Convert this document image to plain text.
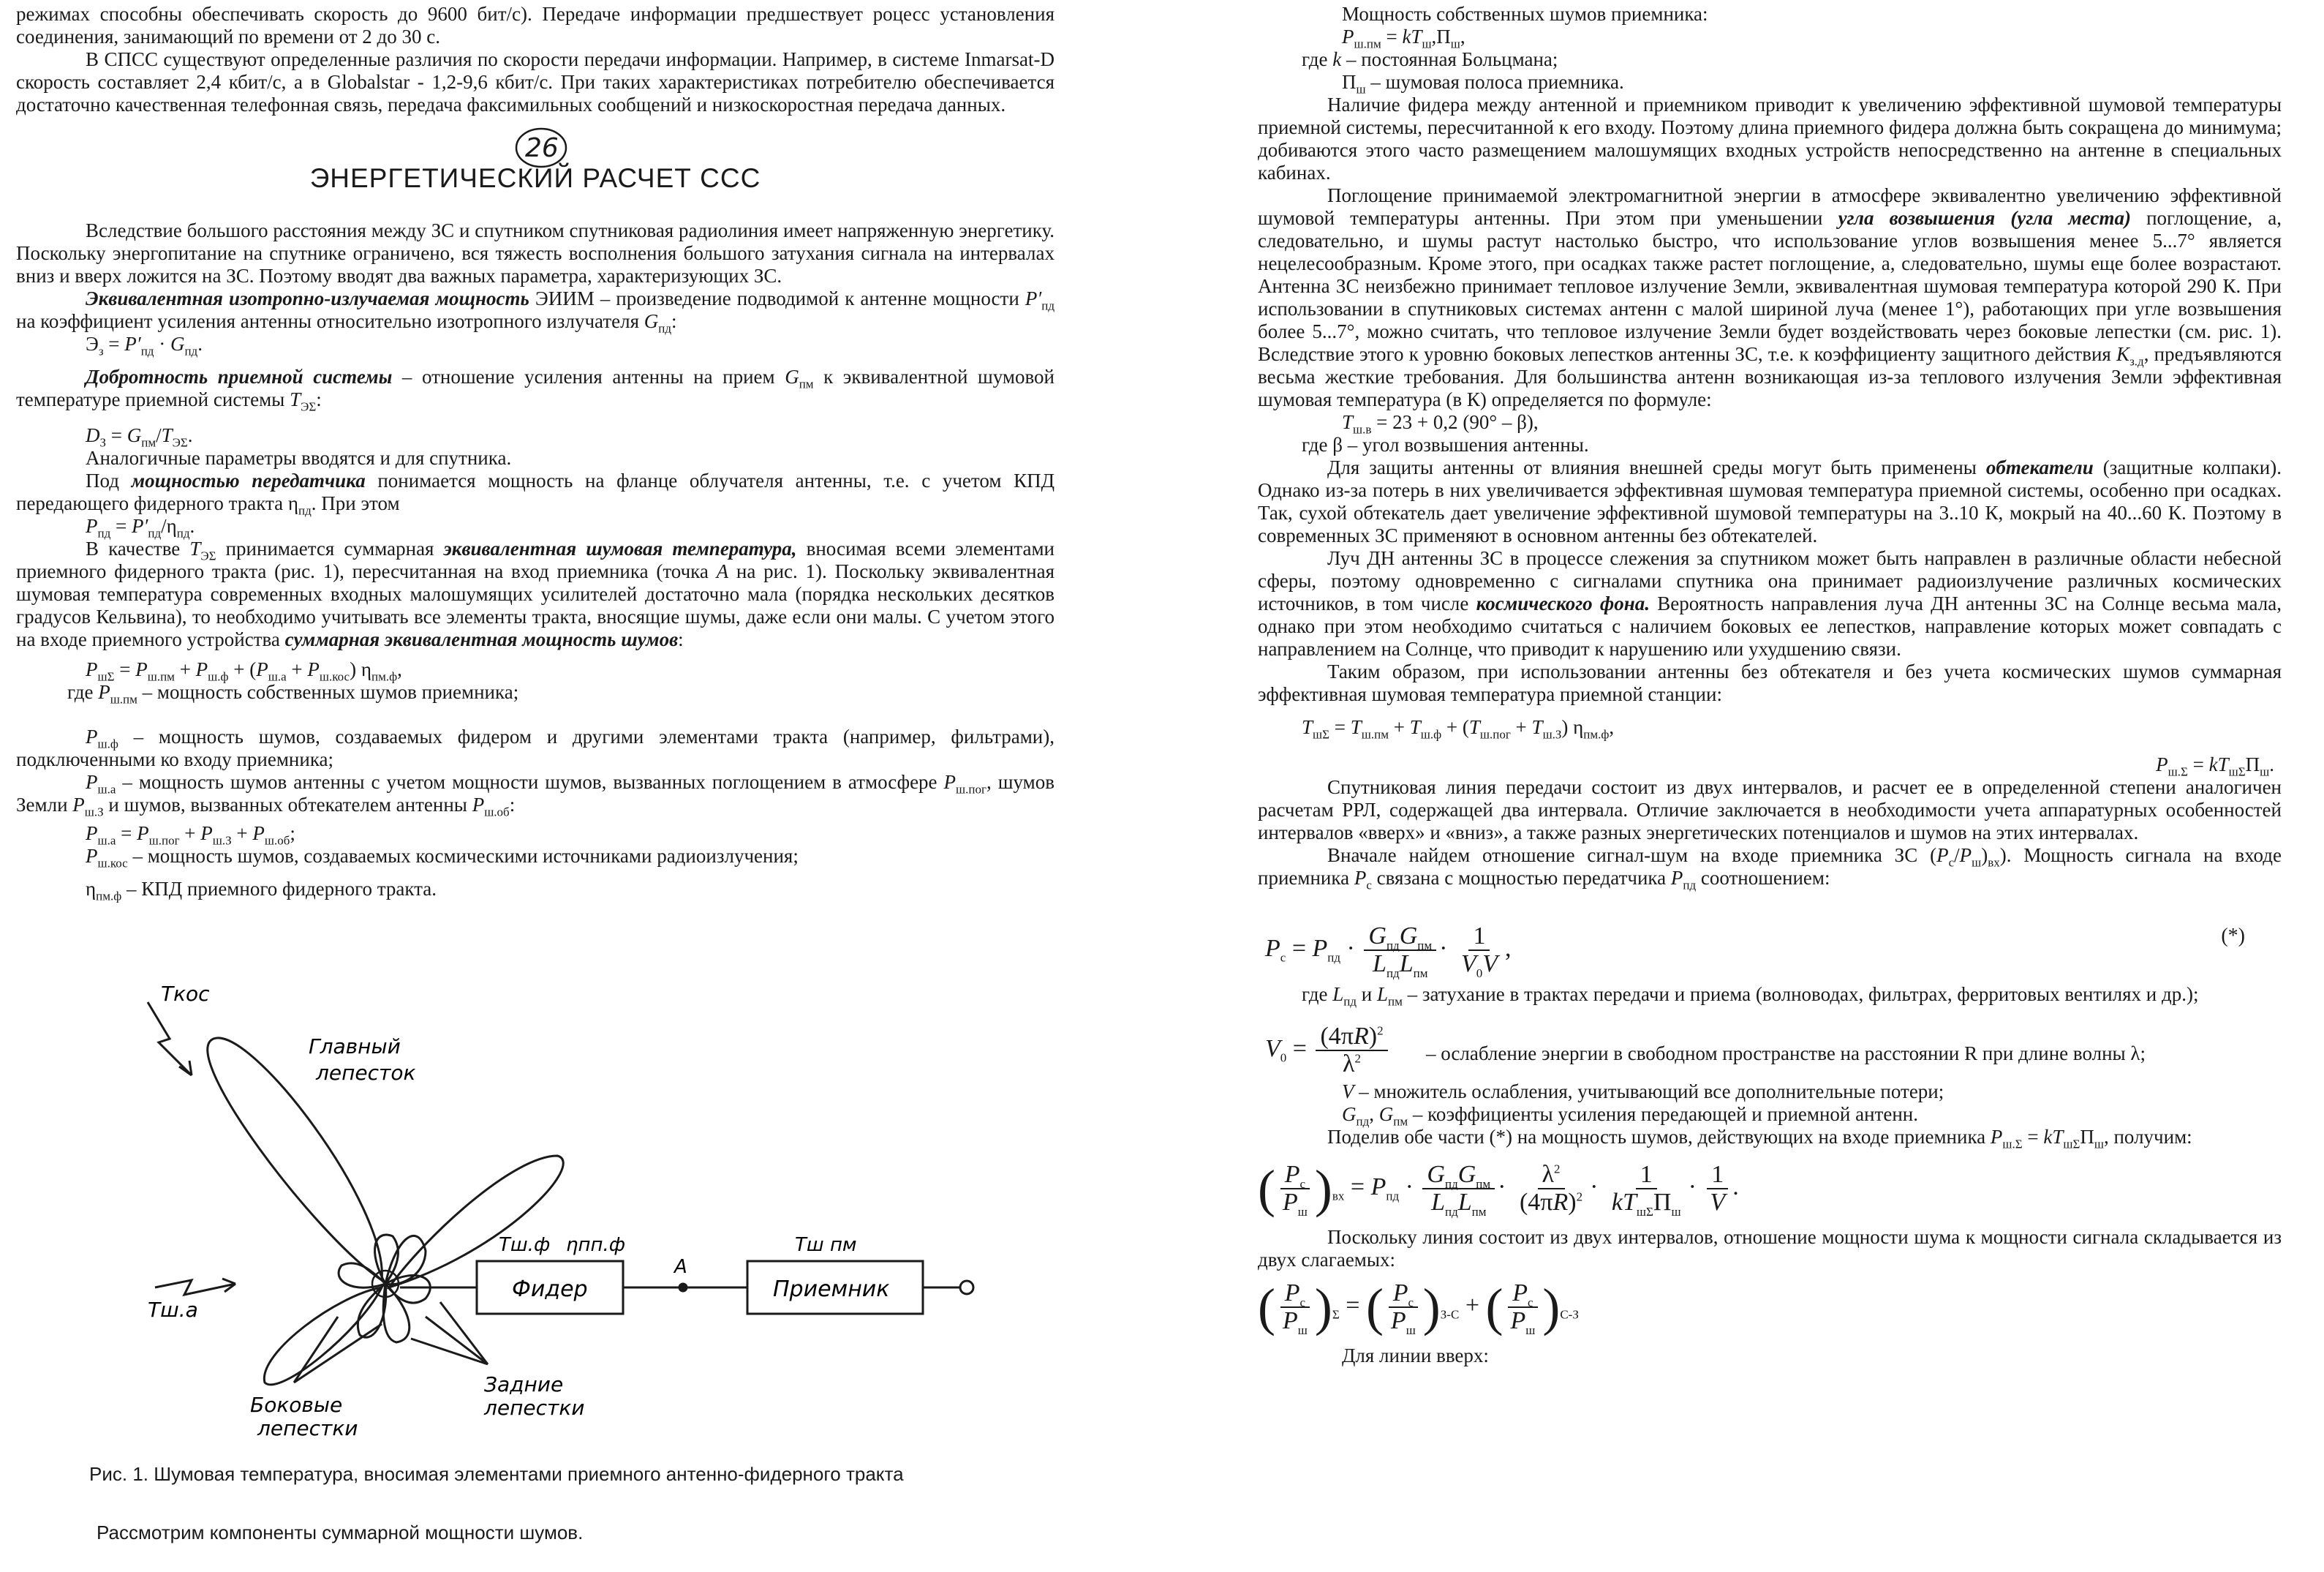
режимах способны обеспечивать скорость до 9600 бит/с). Передаче информации предшествует роцесс установления соединения, занимающий по времени от 2 до 30 с.

В СПСС существуют определенные различия по скорости передачи информации. Например, в системе Inmarsat-D скорость составляет 2,4 кбит/с, а в Globalstar - 1,2-9,6 кбит/с. При таких характеристиках потребителю обеспечивается достаточно качественная телефонная связь, передача факсимильных сообщений и низкоскоростная передача данных.

26

ЭНЕРГЕТИЧЕСКИЙ РАСЧЕТ ССС

Вследствие большого расстояния между ЗС и спутником спутниковая радиолиния имеет напряженную энергетику. Поскольку энергопитание на спутнике ограничено, вся тяжесть восполнения большого затухания сигнала на интервалах вниз и вверх ложится на ЗС. Поэтому вводят два важных параметра, характеризующих ЗС.

Эквивалентная изотропно-излучаемая мощность ЭИИМ – произведение подводимой к антенне мощности $P'_{пд}$ на коэффициент усиления антенны относительно изотропного излучателя $G_{пд}$:

$Э_з = P'_{пд} \cdot G_{пд}$.

Добротность приемной системы – отношение усиления антенны на прием $G_{пм}$ к эквивалентной шумовой температуре приемной системы $T_{Э\Sigma}$:

$D_З = G_{пм}/T_{Э\Sigma}$.

Аналогичные параметры вводятся и для спутника.

Под мощностью передатчика понимается мощность на фланце облучателя антенны, т.е. с учетом КПД передающего фидерного тракта $\eta_{пд}$. При этом

$P_{пд} = P'_{пд}/\eta_{пд}$.

В качестве $T_{Э\Sigma}$ принимается суммарная эквивалентная шумовая температура, вносимая всеми элементами приемного фидерного тракта (рис. 1), пересчитанная на вход приемника (точка A на рис. 1). Поскольку эквивалентная шумовая температура современных входных малошумящих усилителей достаточно мала (порядка нескольких десятков градусов Кельвина), то необходимо учитывать все элементы тракта, вносящие шумы, даже если они малы. С учетом этого на входе приемного устройства суммарная эквивалентная мощность шумов:

$P_{ш\Sigma} = P_{ш.пм} + P_{ш.ф} + (P_{ш.а} + P_{ш.кос})$ $\eta_{пм.ф}$,

где $P_{ш.пм}$ – мощность собственных шумов приемника;

$P_{ш.ф}$ – мощность шумов, создаваемых фидером и другими элементами тракта (например, фильтрами), подключенными ко входу приемника;

$P_{ш.а}$ – мощность шумов антенны с учетом мощности шумов, вызванных поглощением в атмосфере $P_{ш.пог}$, шумов Земли $P_{ш.З}$ и шумов, вызванных обтекателем антенны $P_{ш.об}$:

$P_{ш.а} = P_{ш.пог} + P_{ш.З} + P_{ш.об}$;

$P_{ш.кос}$ – мощность шумов, создаваемых космическими источниками радиоизлучения;

$\eta_{пм.ф}$ – КПД приемного фидерного тракта.

Tкос
Главный
лепесток
Tш.а
Tш.ф ηпп.ф
A
Tш пм
Фидер	Приемник
Боковые
лепестки
Задние
лепестки

Рис. 1. Шумовая температура, вносимая элементами приемного антенно-фидерного тракта

Рассмотрим компоненты суммарной мощности шумов.

Мощность собственных шумов приемника:

$P_{ш.пм} = kT_ш,\Pi_ш$,

где k – постоянная Больцмана;

$\Pi_ш$ – шумовая полоса приемника.

Наличие фидера между антенной и приемником приводит к увеличению эффективной шумовой температуры приемной системы, пересчитанной к его входу. Поэтому длина приемного фидера должна быть сокращена до минимума; добиваются этого часто размещением малошумящих входных устройств непосредственно на антенне в специальных кабинах.

Поглощение принимаемой электромагнитной энергии в атмосфере эквивалентно увеличению эффективной шумовой температуры антенны. При этом при уменьшении угла возвышения (угла места) поглощение, а, следовательно, и шумы растут настолько быстро, что использование углов возвышения менее 5...7° является нецелесообразным. Кроме этого, при осадках также растет поглощение, а, следовательно, шумы еще более возрастают. Антенна ЗС неизбежно принимает тепловое излучение Земли, эквивалентная шумовая температура которой 290 К. При использовании в спутниковых системах антенн с малой шириной луча (менее 1°), работающих при угле возвышения более 5...7°, можно считать, что тепловое излучение Земли будет воздействовать через боковые лепестки (см. рис. 1). Вследствие этого к уровню боковых лепестков антенны ЗС, т.е. к коэффициенту защитного действия $K_{з.д}$, предъявляются весьма жесткие требования. Для большинства антенн возникающая из-за теплового излучения Земли эффективная шумовая температура (в К) определяется по формуле:

$T_{ш.в} = 23 + 0,2$ (90° – β),

где β – угол возвышения антенны.

Для защиты антенны от влияния внешней среды могут быть применены обтекатели (защитные колпаки). Однако из-за потерь в них увеличивается эффективная шумовая температура приемной системы, особенно при осадках. Так, сухой обтекатель дает увеличение эффективной шумовой температуры на 3..10 К, мокрый на 40...60 К. Поэтому в современных ЗС применяют в основном антенны без обтекателей.

Луч ДН антенны ЗС в процессе слежения за спутником может быть направлен в различные области небесной сферы, поэтому одновременно с сигналами спутника она принимает радиоизлучение различных космических источников, в том числе космического фона. Вероятность направления луча ДН антенны ЗС на Солнце весьма мала, однако при этом необходимо считаться с наличием боковых ее лепестков, направление которых может совпадать с направлением на Солнце, что приводит к нарушению или ухудшению связи.

Таким образом, при использовании антенны без обтекателя и без учета космических шумов суммарная эффективная шумовая температура приемной станции:

$T_{ш\Sigma} = T_{ш.пм} + T_{ш.ф} + (T_{ш.пог} + T_{ш.З})$ $\eta_{пм.ф}$,

$P_{ш.\Sigma} = kT_{ш\Sigma}\Pi_ш$.

Спутниковая линия передачи состоит из двух интервалов, и расчет ее в определенной степени аналогичен расчетам РРЛ, содержащей два интервала. Отличие заключается в необходимости учета аппаратурных особенностей интервалов «вверх» и «вниз», а также разных энергетических потенциалов и шумов на этих интервалах.

Вначале найдем отношение сигнал-шум на входе приемника ЗС $(P_с/P_ш)_{вх}$). Мощность сигнала на входе приемника $P_с$ связана с мощностью передатчика $P_{пд}$ соотношением:

$P_c = P_{пд} \cdot \frac{G_{пд}G_{пм}}{L_{пд}L_{пм}} \cdot \frac{1}{V_0V}$ ,	(*)

где $L_{пд}$ и $L_{пм}$ – затухание в трактах передачи и приема (волноводах, фильтрах, ферритовых вентилях и др.);

$V_0 = \frac{(4\pi R)^2}{\lambda^2}$ – ослабление энергии в свободном пространстве на расстоянии R при длине волны λ;

V – множитель ослабления, учитывающий все дополнительные потери;

$G_{пд}$, $G_{пм}$ – коэффициенты усиления передающей и приемной антенн.

Поделив обе части (*) на мощность шумов, действующих на входе приемника $P_{ш.\Sigma} = kT_{ш\Sigma}\Pi_ш$, получим:

( $\frac{P_c}{P_ш} )_{вх} = P_{пд} \cdot \frac{G_{пд}G_{пм}}{L_{пд}L_{пм}} \cdot \frac{\lambda^2}{(4\pi R)^2} \cdot \frac{1}{kT_{ш\Sigma}\Pi_ш} \cdot \frac{1}{V}$ .

Поскольку линия состоит из двух интервалов, отношение мощности шума к мощности сигнала складывается из двух слагаемых:

( $\frac{P_c}{P_ш} )_\Sigma$ = ( $\frac{P_c}{P_ш} )_{З-С}$ + ( $\frac{P_c}{P_ш} )_{С-З}$

Для линии вверх:
